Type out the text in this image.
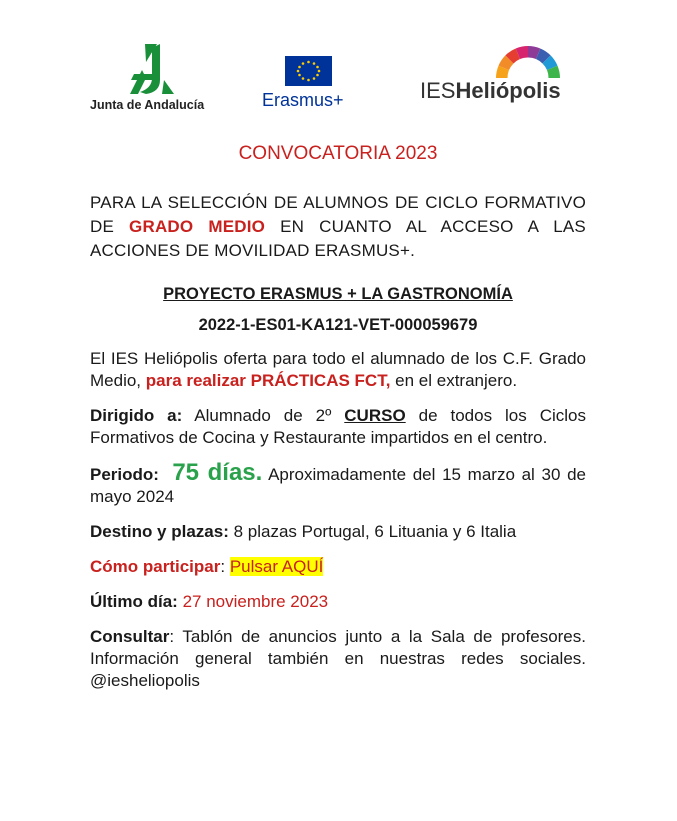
Junta de Andalucía	Erasmus+	IESHeliópolis
CONVOCATORIA 2023

PARA LA SELECCIÓN DE ALUMNOS DE CICLO FORMATIVO DE GRADO MEDIO EN CUANTO AL ACCESO A LAS ACCIONES DE MOVILIDAD ERASMUS+.

PROYECTO ERASMUS + LA GASTRONOMÍA
2022-1-ES01-KA121-VET-000059679

El IES Heliópolis oferta para todo el alumnado de los C.F. Grado Medio, para realizar PRÁCTICAS FCT, en el extranjero.

Dirigido a: Alumnado de 2º CURSO de todos los Ciclos Formativos de Cocina y Restaurante impartidos en el centro.

Periodo: 75 días. Aproximadamente del 15 marzo al 30 de mayo 2024

Destino y plazas: 8 plazas Portugal, 6 Lituania y 6 Italia

Cómo participar: Pulsar AQUÍ

Último día: 27 noviembre 2023

Consultar: Tablón de anuncios junto a la Sala de profesores. Información general también en nuestras redes sociales. @iesheliopolis
